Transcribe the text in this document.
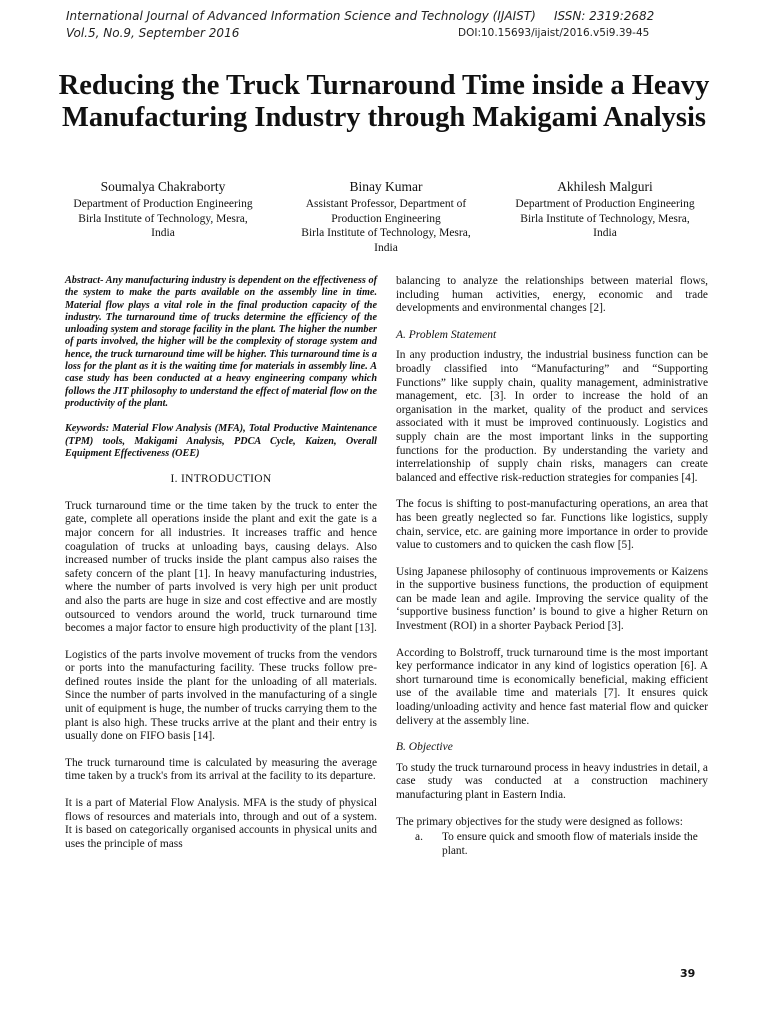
International Journal of Advanced Information Science and Technology (IJAIST) ISSN: 2319:2682
Vol.5, No.9, September 2016	DOI:10.15693/ijaist/2016.v5i9.39-45
Reducing the Truck Turnaround Time inside a Heavy Manufacturing Industry through Makigami Analysis
Soumalya Chakraborty
Department of Production Engineering
Birla Institute of Technology, Mesra,
India
Binay Kumar
Assistant Professor, Department of
Production Engineering
Birla Institute of Technology, Mesra,
India
Akhilesh Malguri
Department of Production Engineering
Birla Institute of Technology, Mesra,
India

Abstract- Any manufacturing industry is dependent on the effectiveness of the system to make the parts available on the assembly line in time. Material flow plays a vital role in the final production capacity of the industry. The turnaround time of trucks determine the efficiency of the unloading system and storage facility in the plant. The higher the number of parts involved, the higher will be the complexity of storage system and hence, the truck turnaround time will be higher. This turnaround time is a loss for the plant as it is the waiting time for materials in assembly line. A case study has been conducted at a heavy engineering company which follows the JIT philosophy to understand the effect of material flow on the productivity of the plant.

Keywords: Material Flow Analysis (MFA), Total Productive Maintenance (TPM) tools, Makigami Analysis, PDCA Cycle, Kaizen, Overall Equipment Effectiveness (OEE)

I. INTRODUCTION

Truck turnaround time or the time taken by the truck to enter the gate, complete all operations inside the plant and exit the gate is a major concern for all industries. It increases traffic and hence coagulation of trucks at unloading bays, causing delays. Also increased number of trucks inside the plant campus also raises the safety concern of the plant [1]. In heavy manufacturing industries, where the number of parts involved is very high per unit product and also the parts are huge in size and cost effective and are mostly outsourced to vendors around the world, truck turnaround time becomes a major factor to ensure high productivity of the plant [13].

Logistics of the parts involve movement of trucks from the vendors or ports into the manufacturing facility. These trucks follow pre-defined routes inside the plant for the unloading of all materials. Since the number of parts involved in the manufacturing of a single unit of equipment is huge, the number of trucks carrying them to the plant is also high. These trucks arrive at the plant and their entry is usually done on FIFO basis [14].

The truck turnaround time is calculated by measuring the average time taken by a truck's from its arrival at the facility to its departure.

It is a part of Material Flow Analysis. MFA is the study of physical flows of resources and materials into, through and out of a system. It is based on categorically organised accounts in physical units and uses the principle of mass

balancing to analyze the relationships between material flows, including human activities, energy, economic and trade developments and environmental changes [2].

A. Problem Statement

In any production industry, the industrial business function can be broadly classified into “Manufacturing” and “Supporting Functions” like supply chain, quality management, administrative management, etc. [3]. In order to increase the hold of an organisation in the market, quality of the product and services associated with it must be improved continuously. Logistics and supply chain are the most important links in the supporting functions for the production. By understanding the variety and interrelationship of supply chain risks, managers can create balanced and effective risk-reduction strategies for companies [4].

The focus is shifting to post-manufacturing operations, an area that has been greatly neglected so far. Functions like logistics, supply chain, service, etc. are gaining more importance in order to provide value to customers and to quicken the cash flow [5].

Using Japanese philosophy of continuous improvements or Kaizens in the supportive business functions, the production of equipment can be made lean and agile. Improving the service quality of the ‘supportive business function’ is bound to give a higher Return on Investment (ROI) in a shorter Payback Period [3].

According to Bolstroff, truck turnaround time is the most important key performance indicator in any kind of logistics operation [6]. A short turnaround time is economically beneficial, making efficient use of the available time and materials [7]. It ensures quick loading/unloading activity and hence fast material flow and quicker delivery at the assembly line.

B. Objective

To study the truck turnaround process in heavy industries in detail, a case study was conducted at a construction machinery manufacturing plant in Eastern India.

The primary objectives for the study were designed as follows:

a.	To ensure quick and smooth flow of materials inside the plant.
39
